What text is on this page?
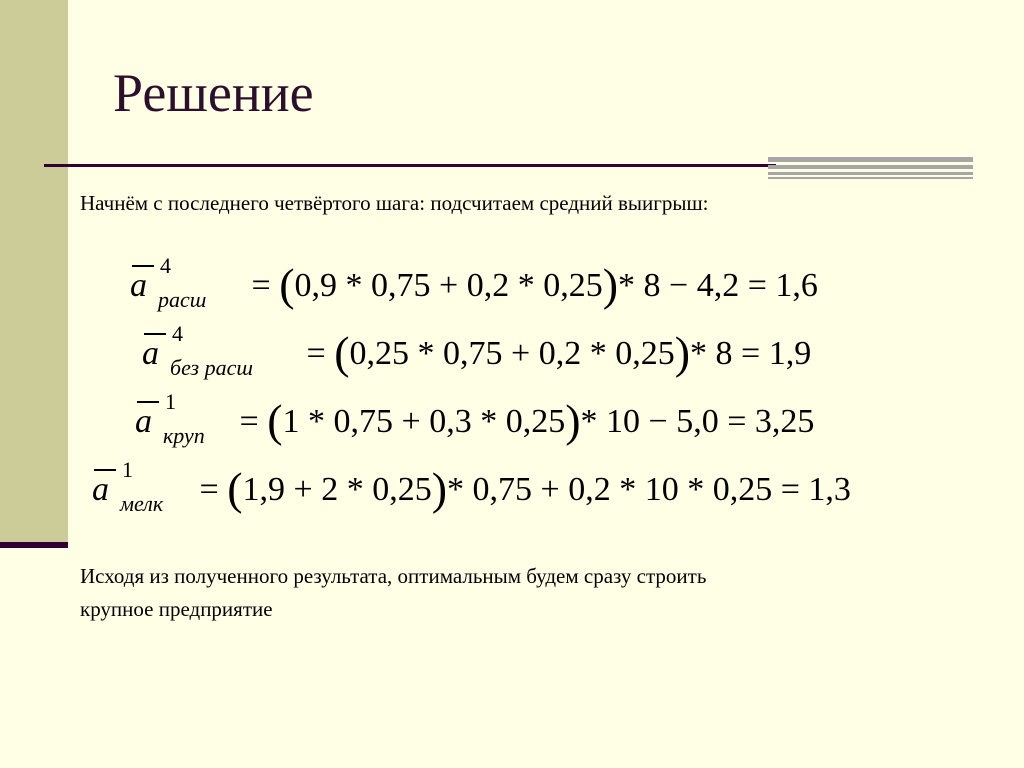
Решение
Начнём с последнего четвёртого шага: подсчитаем средний выигрыш:
a
4
расш = (0,9 * 0,75 + 0,2 * 0,25)* 8 − 4,2 = 1,6
a
4
без расш = (0,25 * 0,75 + 0,2 * 0,25)* 8 = 1,9
a
1
круп = (1 * 0,75 + 0,3 * 0,25)* 10 − 5,0 = 3,25
a
1
мелк = (1,9 + 2 * 0,25)* 0,75 + 0,2 * 10 * 0,25 = 1,3
Исходя из полученного результата, оптимальным будем сразу строить
крупное предприятие
